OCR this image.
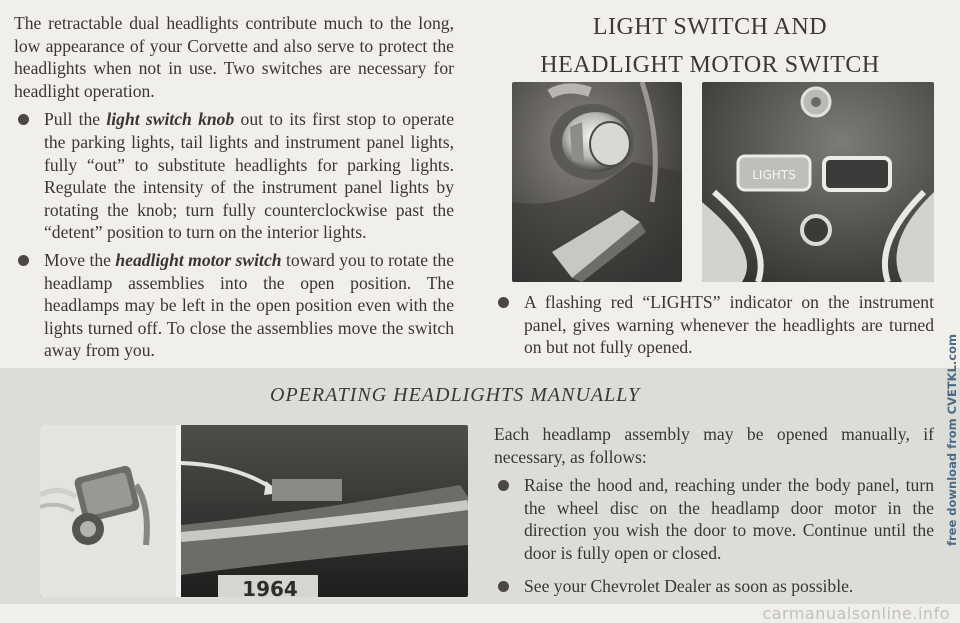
The retractable dual headlights contribute much to the long, low appearance of your Corvette and also serve to protect the headlights when not in use. Two switches are necessary for headlight operation.

Pull the light switch knob out to its first stop to operate the parking lights, tail lights and instrument panel lights, fully “out” to substitute headlights for parking lights. Regulate the intensity of the instrument panel lights by rotating the knob; turn fully counterclockwise past the “detent” position to turn on the interior lights.
Move the headlight motor switch toward you to rotate the headlamp assemblies into the open position. The headlamps may be left in the open position even with the lights turned off. To close the assemblies move the switch away from you.
LIGHT SWITCH AND
HEADLIGHT MOTOR SWITCH
LIGHTS
A flashing red “LIGHTS” indicator on the instrument panel, gives warning whenever the headlights are turned on but not fully opened.
OPERATING HEADLIGHTS MANUALLY
1964

Each headlamp assembly may be opened manually, if necessary, as follows:

Raise the hood and, reaching under the body panel, turn the wheel disc on the headlamp door motor in the direction you wish the door to move. Continue until the door is fully open or closed.
See your Chevrolet Dealer as soon as possible.
free download from CVETKL.com
carmanualsonline.info
